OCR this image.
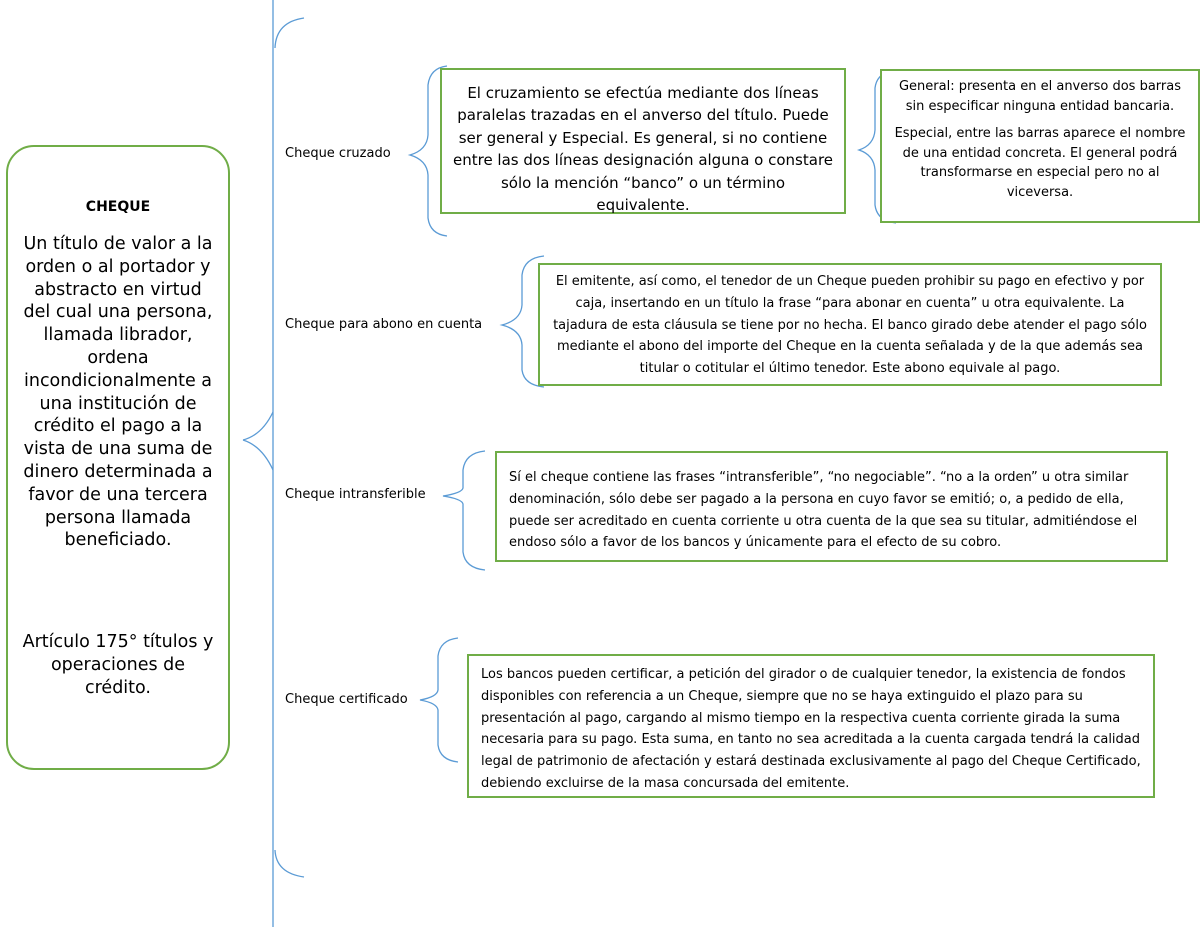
CHEQUE
Un título de valor a la orden o al portador y abstracto en virtud del cual una persona, llamada librador, ordena incondicionalmente a una institución de crédito el pago a la vista de una suma de dinero determinada a favor de una tercera persona llamada beneficiado.
Artículo 175° títulos y operaciones de crédito.
Cheque cruzado
Cheque para abono en cuenta
Cheque intransferible
Cheque certificado
El cruzamiento se efectúa mediante dos líneas paralelas trazadas en el anverso del título. Puede ser general y Especial. Es general, si no contiene entre las dos líneas designación alguna o constare sólo la mención “banco” o un término equivalente.
General: presenta en el anverso dos barras sin especificar ninguna entidad bancaria.
Especial, entre las barras aparece el nombre de una entidad concreta. El general podrá transformarse en especial pero no al viceversa.
El emitente, así como, el tenedor de un Cheque pueden prohibir su pago en efectivo y por caja, insertando en un título la frase “para abonar en cuenta” u otra equivalente. La tajadura de esta cláusula se tiene por no hecha. El banco girado debe atender el pago sólo mediante el abono del importe del Cheque en la cuenta señalada y de la que además sea titular o cotitular el último tenedor. Este abono equivale al pago.
Sí el cheque contiene las frases “intransferible”, “no negociable”. “no a la orden” u otra similar denominación, sólo debe ser pagado a la persona en cuyo favor se emitió; o, a pedido de ella, puede ser acreditado en cuenta corriente u otra cuenta de la que sea su titular, admitiéndose el endoso sólo a favor de los bancos y únicamente para el efecto de su cobro.
Los bancos pueden certificar, a petición del girador o de cualquier tenedor, la existencia de fondos disponibles con referencia a un Cheque, siempre que no se haya extinguido el plazo para su presentación al pago, cargando al mismo tiempo en la respectiva cuenta corriente girada la suma necesaria para su pago. Esta suma, en tanto no sea acreditada a la cuenta cargada tendrá la calidad legal de patrimonio de afectación y estará destinada exclusivamente al pago del Cheque Certificado, debiendo excluirse de la masa concursada del emitente.
